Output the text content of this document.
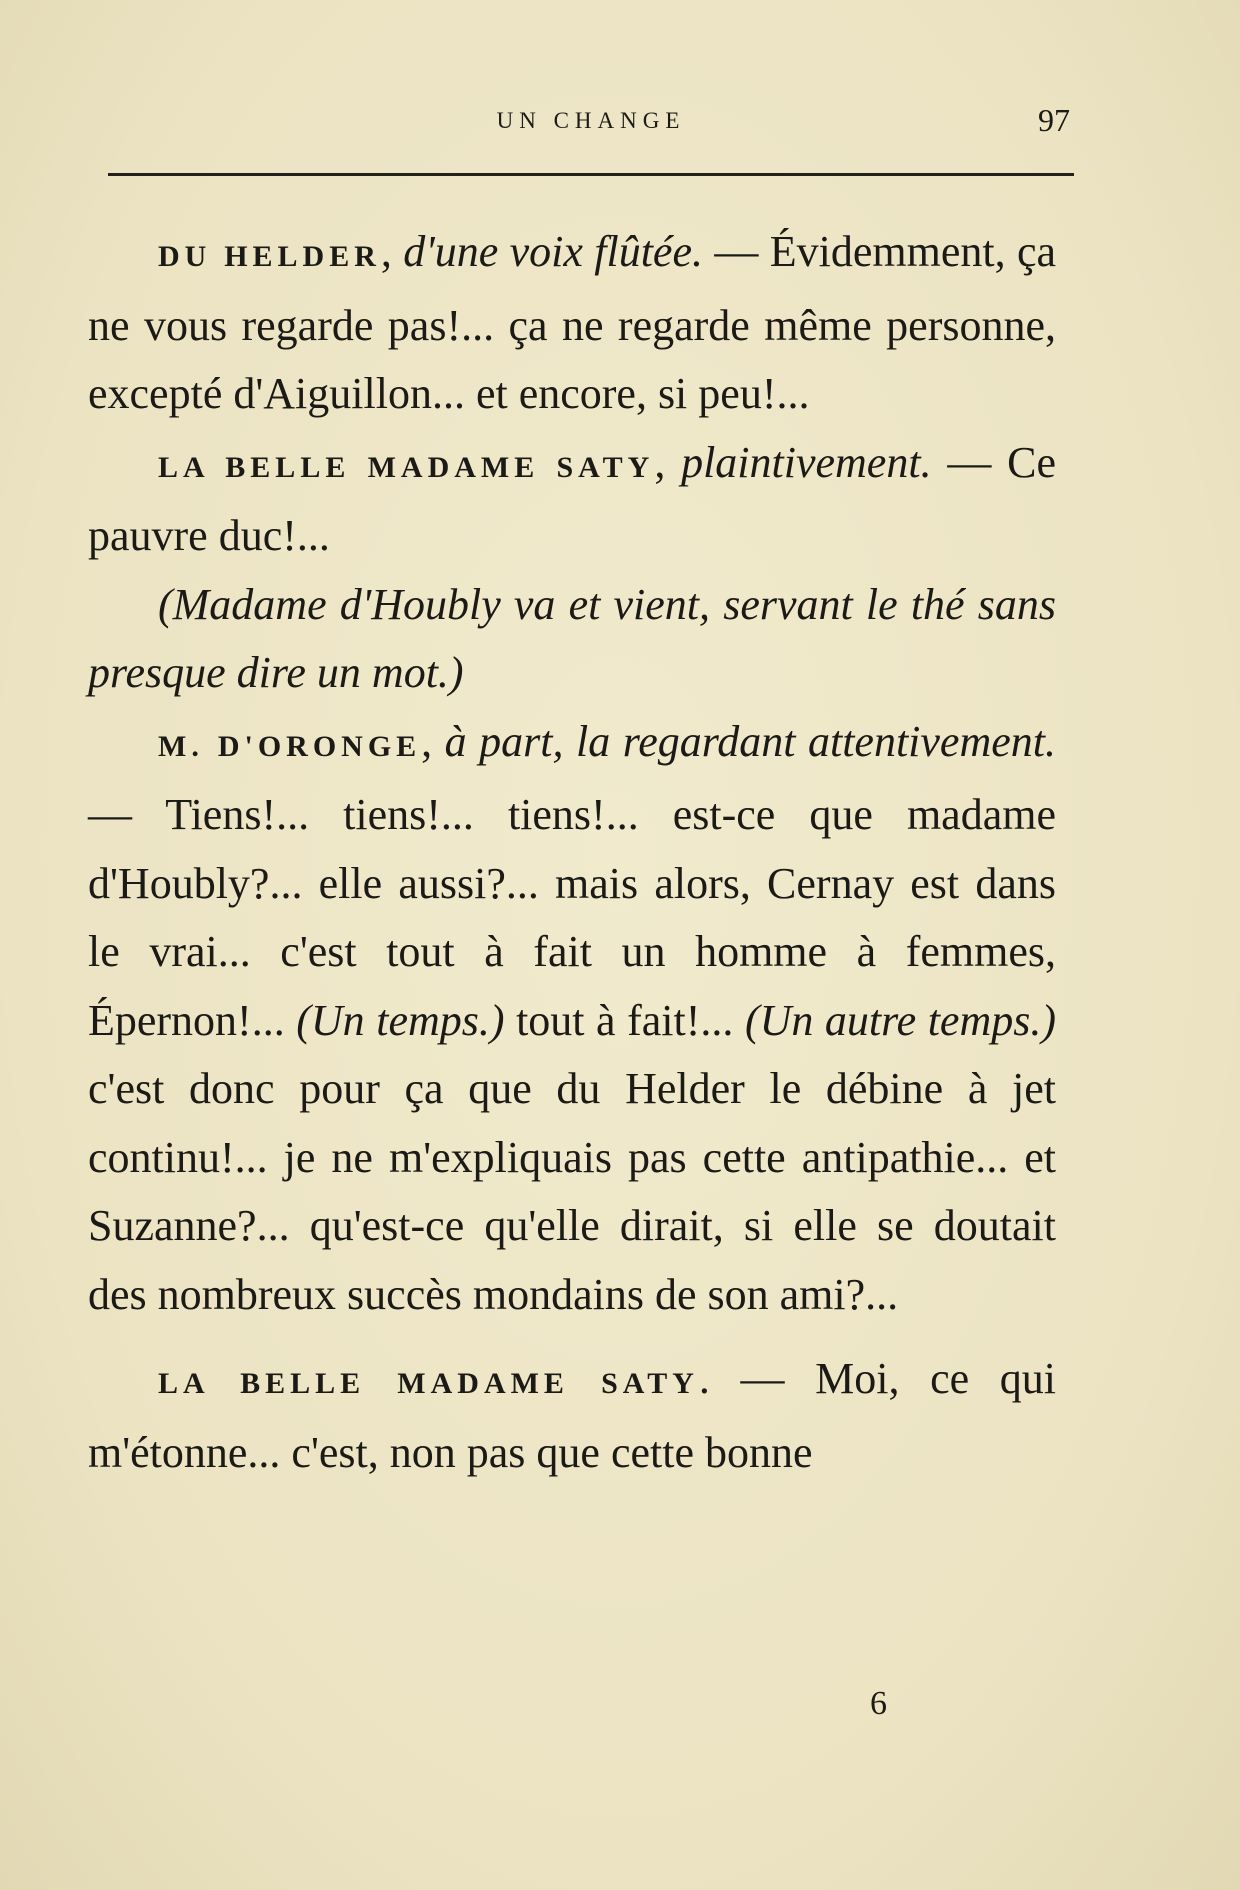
UN CHANGE	97

DU HELDER, d'une voix flûtée. — Évidemment, ça ne vous regarde pas!... ça ne regarde même personne, excepté d'Aiguillon... et encore, si peu!...

LA BELLE MADAME SATY, plaintivement. — Ce pauvre duc!...

(Madame d'Houbly va et vient, servant le thé sans presque dire un mot.)

M. D'ORONGE, à part, la regardant attentivement. — Tiens!... tiens!... tiens!... est-ce que madame d'Houbly?... elle aussi?... mais alors, Cernay est dans le vrai... c'est tout à fait un homme à femmes, Épernon!... (Un temps.) tout à fait!... (Un autre temps.) c'est donc pour ça que du Helder le débine à jet continu!... je ne m'expliquais pas cette antipathie... et Suzanne?... qu'est-ce qu'elle dirait, si elle se doutait des nombreux succès mondains de son ami?...

LA BELLE MADAME SATY. — Moi, ce qui m'étonne... c'est, non pas que cette bonne

6
